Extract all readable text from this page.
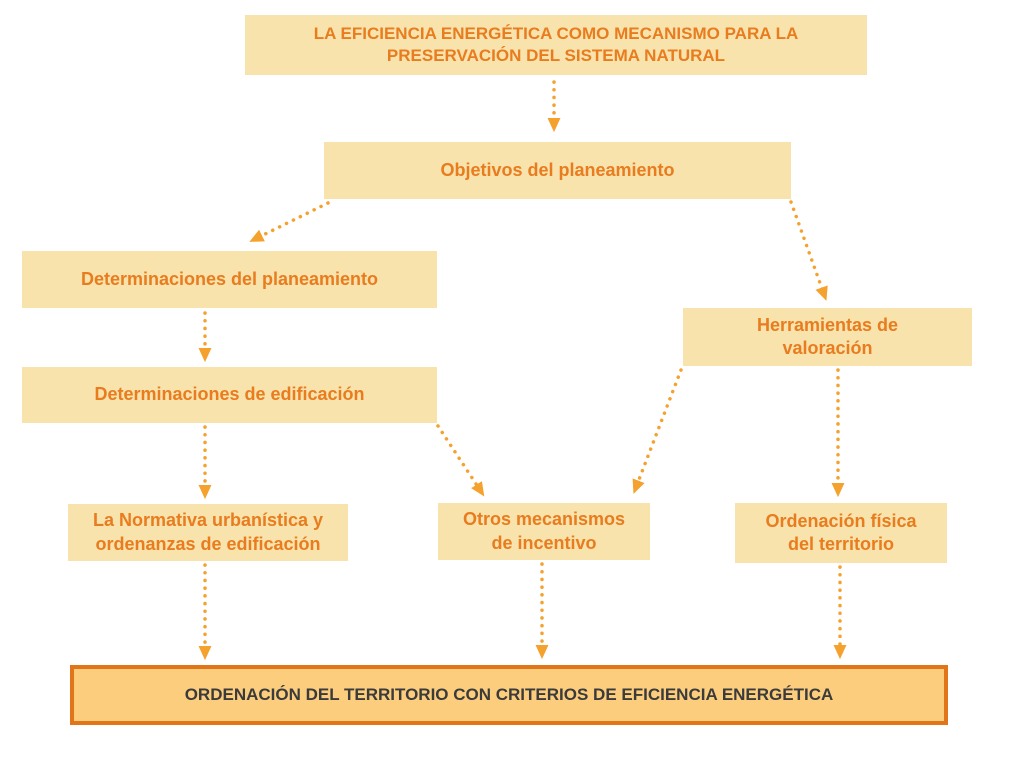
LA EFICIENCIA ENERGÉTICA COMO MECANISMO PARA LA PRESERVACIÓN DEL SISTEMA NATURAL
Objetivos del planeamiento
Determinaciones del planeamiento
Herramientas de valoración
Determinaciones de edificación
La Normativa urbanística y ordenanzas de edificación
Otros mecanismos de incentivo
Ordenación física del territorio
ORDENACIÓN DEL TERRITORIO CON CRITERIOS DE EFICIENCIA ENERGÉTICA
